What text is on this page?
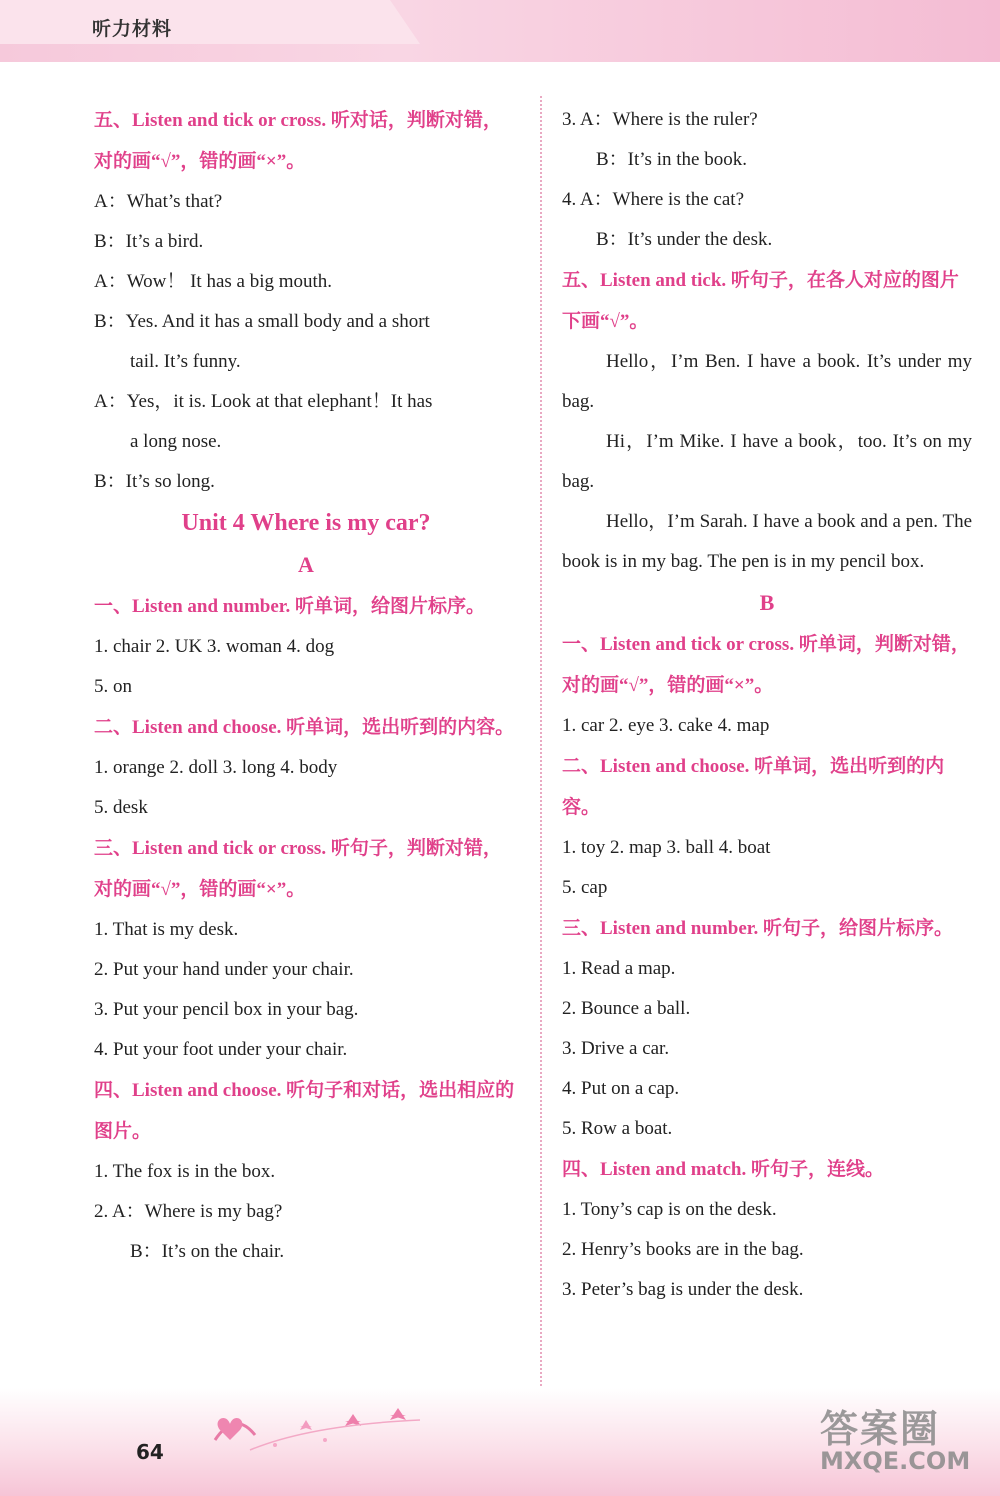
听力材料
五、Listen and tick or cross. 听对话，判断对错，对的画“√”，错的画“×”。
A：What’s that?
B：It’s a bird.
A：Wow！ It has a big mouth.
B：Yes. And it has a small body and a short
tail. It’s funny.
A：Yes，it is. Look at that elephant！It has
a long nose.
B：It’s so long.
Unit 4 Where is my car?
A
一、Listen and number. 听单词，给图片标序。
1. chair 2. UK 3. woman 4. dog
5. on
二、Listen and choose. 听单词，选出听到的内容。
1. orange 2. doll 3. long 4. body
5. desk
三、Listen and tick or cross. 听句子，判断对错，对的画“√”，错的画“×”。
1. That is my desk.
2. Put your hand under your chair.
3. Put your pencil box in your bag.
4. Put your foot under your chair.
四、Listen and choose. 听句子和对话，选出相应的图片。
1. The fox is in the box.
2. A：Where is my bag?
B：It’s on the chair.
3. A：Where is the ruler?
B：It’s in the book.
4. A：Where is the cat?
B：It’s under the desk.
五、Listen and tick. 听句子，在各人对应的图片下画“√”。
Hello，I’m Ben. I have a book. It’s under my bag.
Hi，I’m Mike. I have a book，too. It’s on my bag.
Hello，I’m Sarah. I have a book and a pen. The book is in my bag. The pen is in my pencil box.
B
一、Listen and tick or cross. 听单词，判断对错，对的画“√”，错的画“×”。
1. car 2. eye 3. cake 4. map
二、Listen and choose. 听单词，选出听到的内容。
1. toy 2. map 3. ball 4. boat
5. cap
三、Listen and number. 听句子，给图片标序。
1. Read a map.
2. Bounce a ball.
3. Drive a car.
4. Put on a cap.
5. Row a boat.
四、Listen and match. 听句子，连线。
1. Tony’s cap is on the desk.
2. Henry’s books are in the bag.
3. Peter’s bag is under the desk.
64
答案圈
MXQE.COM
